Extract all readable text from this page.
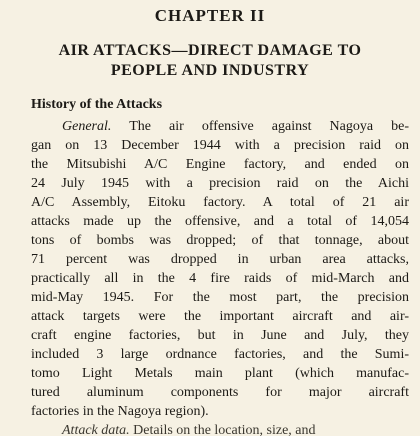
CHAPTER II
AIR ATTACKS—DIRECT DAMAGE TO
PEOPLE AND INDUSTRY
History of the Attacks
General. The air offensive against Nagoya be-
gan on 13 December 1944 with a precision raid on
the Mitsubishi A/C Engine factory, and ended on
24 July 1945 with a precision raid on the Aichi
A/C Assembly, Eitoku factory. A total of 21 air
attacks made up the offensive, and a total of 14,054
tons of bombs was dropped; of that tonnage, about
71 percent was dropped in urban area attacks,
practically all in the 4 fire raids of mid-March and
mid-May 1945. For the most part, the precision
attack targets were the important aircraft and air-
craft engine factories, but in June and July, they
included 3 large ordnance factories, and the Sumi-
tomo Light Metals main plant (which manufac-
tured aluminum components for major aircraft
factories in the Nagoya region).
Attack data. Details on the location, size, and
